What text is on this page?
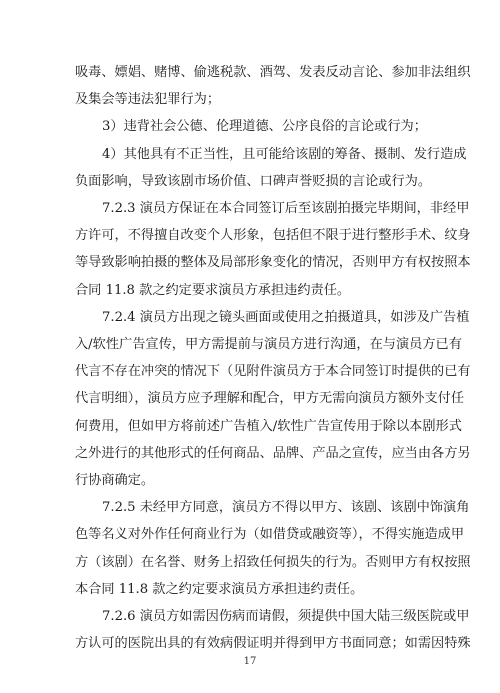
吸毒、嫖娼、赌博、偷逃税款、酒驾、发表反动言论、参加非法组织
及集会等违法犯罪行为；
3）违背社会公德、伦理道德、公序良俗的言论或行为；
4）其他具有不正当性，且可能给该剧的筹备、摄制、发行造成
负面影响，导致该剧市场价值、口碑声誉贬损的言论或行为。
7.2.3 演员方保证在本合同签订后至该剧拍摄完毕期间，非经甲
方许可，不得擅自改变个人形象，包括但不限于进行整形手术、纹身
等导致影响拍摄的整体及局部形象变化的情况，否则甲方有权按照本
合同 11.8 款之约定要求演员方承担违约责任。
7.2.4 演员方出现之镜头画面或使用之拍摄道具，如涉及广告植
入/软性广告宣传，甲方需提前与演员方进行沟通，在与演员方已有
代言不存在冲突的情况下（见附件演员方于本合同签订时提供的已有
代言明细），演员方应予理解和配合，甲方无需向演员方额外支付任
何费用，但如甲方将前述广告植入/软性广告宣传用于除以本剧形式
之外进行的其他形式的任何商品、品牌、产品之宣传，应当由各方另
行协商确定。
7.2.5 未经甲方同意，演员方不得以甲方、该剧、该剧中饰演角
色等名义对外作任何商业行为（如借贷或融资等），不得实施造成甲
方（该剧）在名誉、财务上招致任何损失的行为。否则甲方有权按照
本合同 11.8 款之约定要求演员方承担违约责任。
7.2.6 演员方如需因伤病而请假，须提供中国大陆三级医院或甲
方认可的医院出具的有效病假证明并得到甲方书面同意；如需因特殊
17
